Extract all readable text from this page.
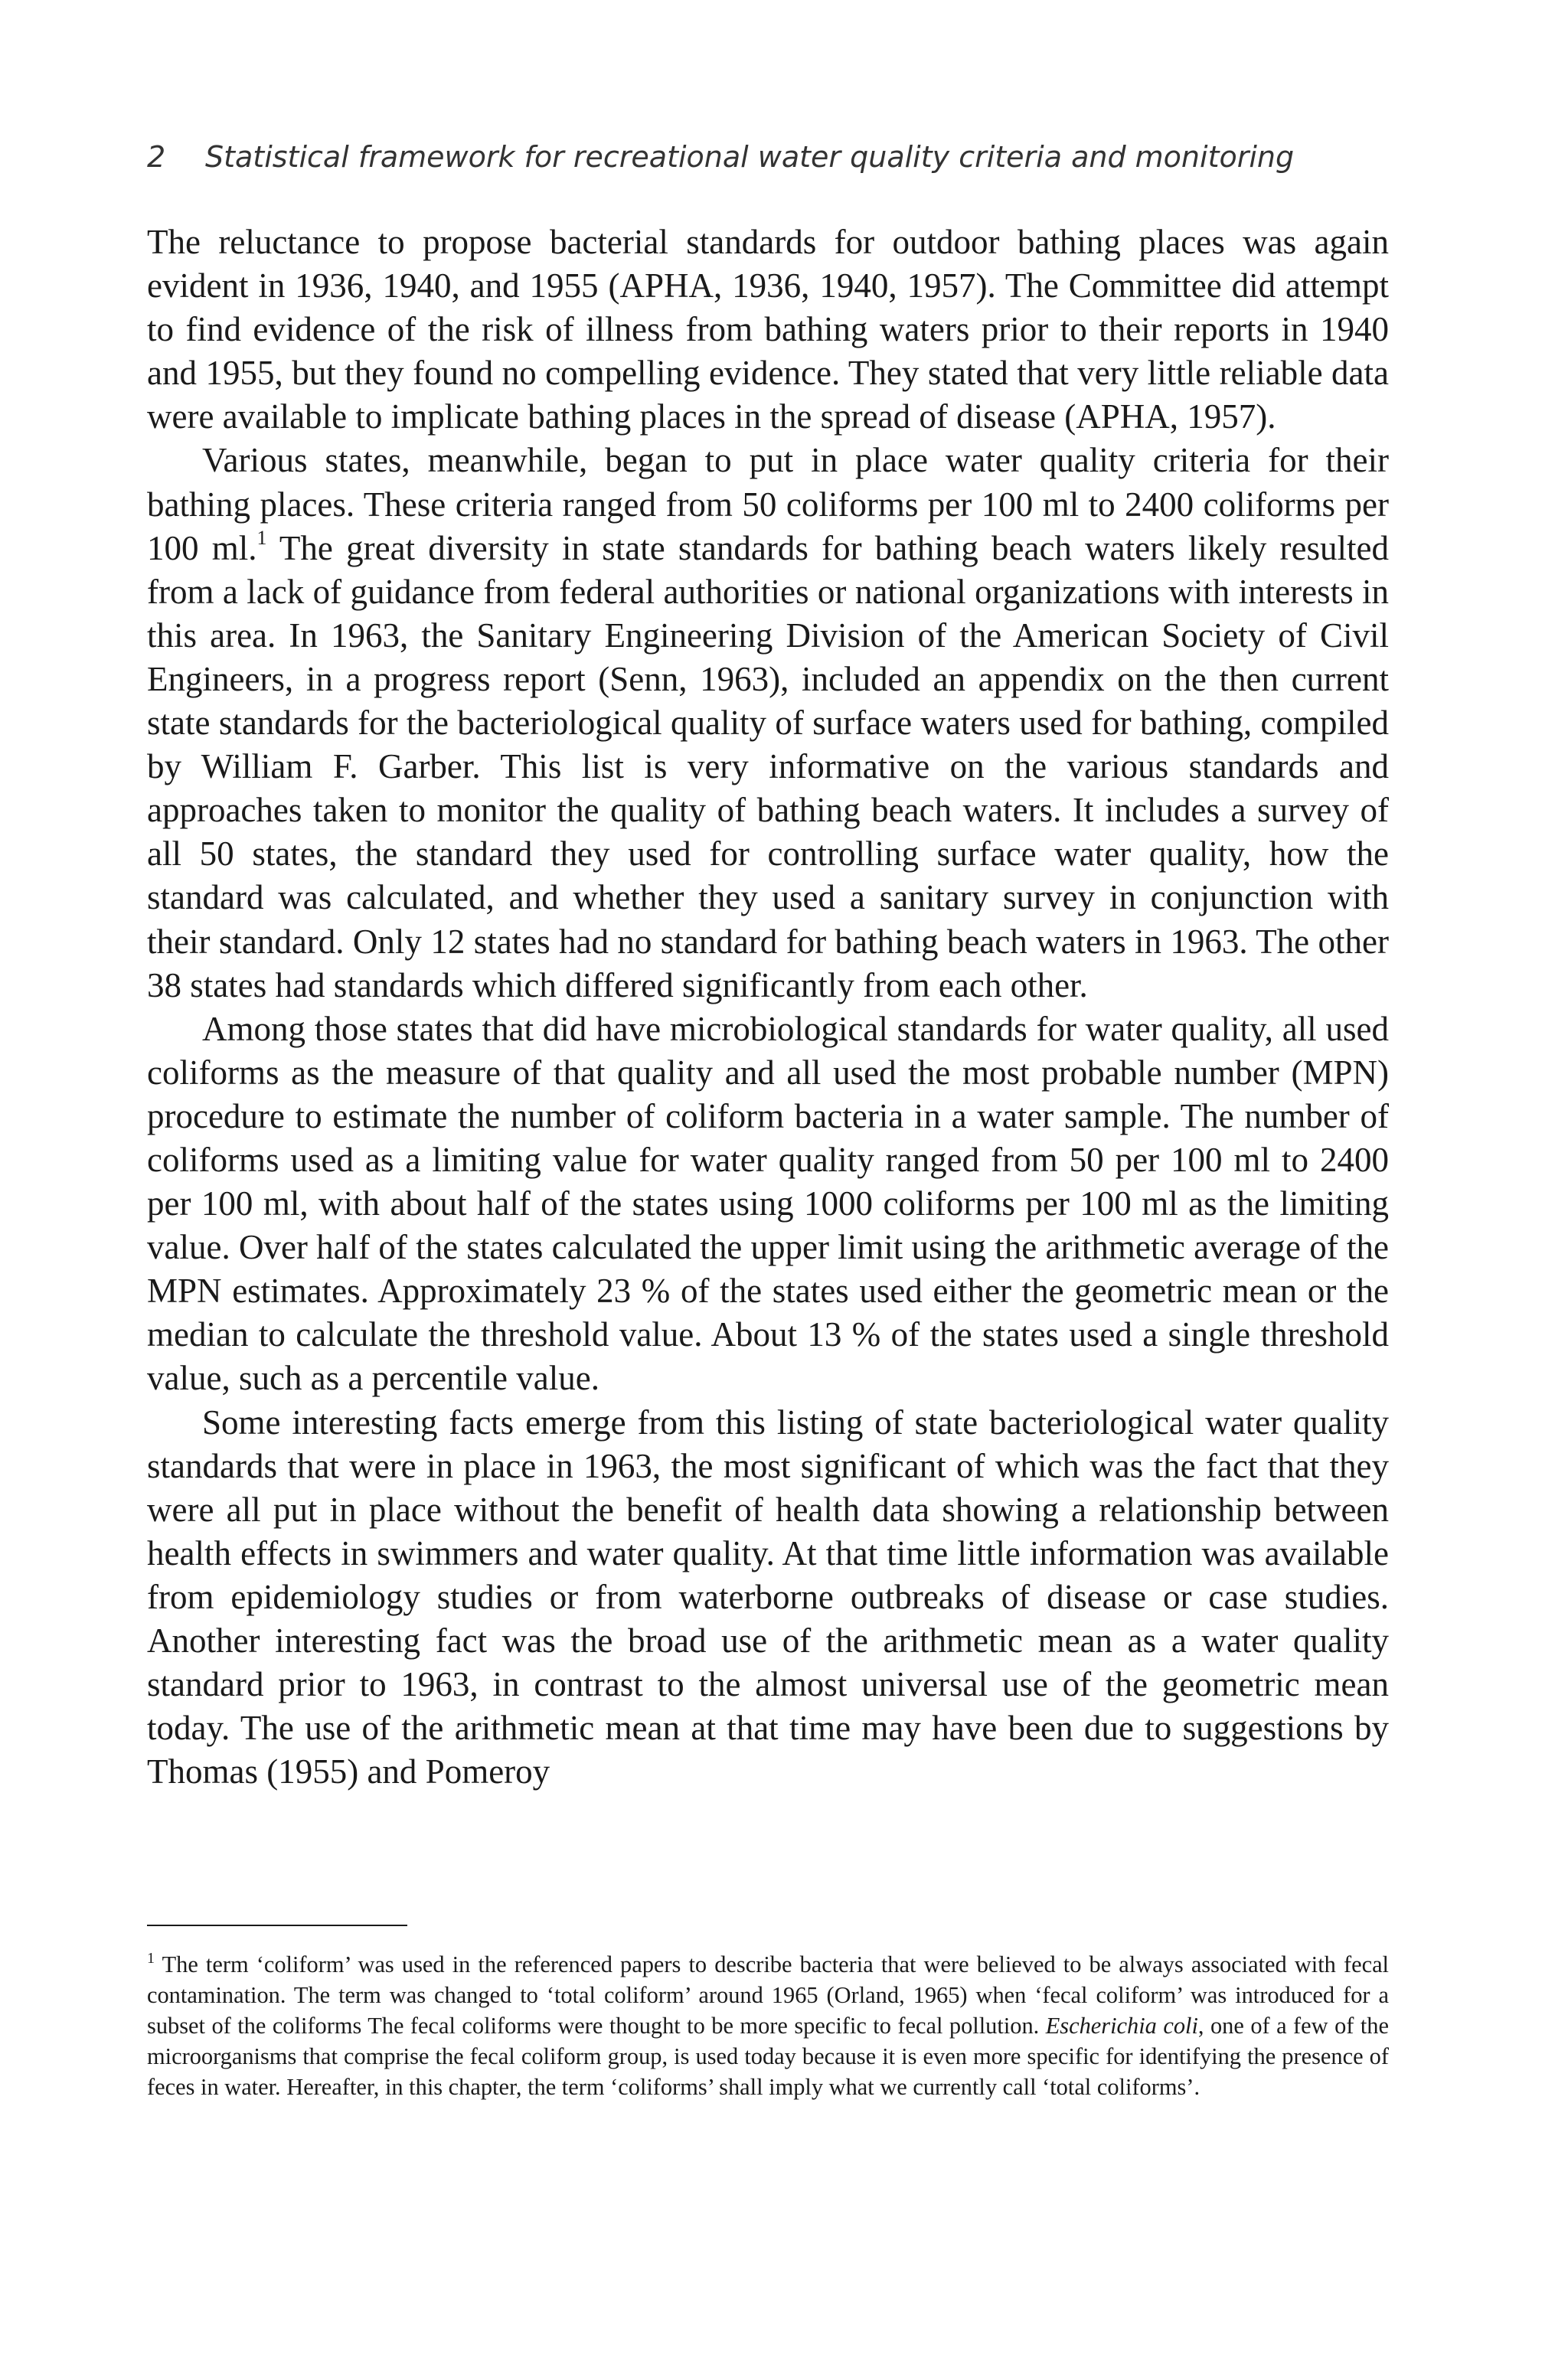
2 Statistical framework for recreational water quality criteria and monitoring

The reluctance to propose bacterial standards for outdoor bathing places was again evident in 1936, 1940, and 1955 (APHA, 1936, 1940, 1957). The Committee did attempt to find evidence of the risk of illness from bathing waters prior to their reports in 1940 and 1955, but they found no compelling evidence. They stated that very little reliable data were available to implicate bathing places in the spread of disease (APHA, 1957).

Various states, meanwhile, began to put in place water quality criteria for their bathing places. These criteria ranged from 50 coliforms per 100 ml to 2400 coliforms per 100 ml.$^1$ The great diversity in state standards for bathing beach waters likely resulted from a lack of guidance from federal authorities or national organizations with interests in this area. In 1963, the Sanitary Engineering Division of the American Society of Civil Engineers, in a progress report (Senn, 1963), included an appendix on the then current state standards for the bacteriological quality of surface waters used for bathing, compiled by William F. Garber. This list is very informative on the various standards and approaches taken to monitor the quality of bathing beach waters. It includes a survey of all 50 states, the standard they used for controlling surface water quality, how the standard was calculated, and whether they used a sanitary survey in conjunction with their standard. Only 12 states had no standard for bathing beach waters in 1963. The other 38 states had standards which differed significantly from each other.

Among those states that did have microbiological standards for water quality, all used coliforms as the measure of that quality and all used the most probable number (MPN) procedure to estimate the number of coliform bacteria in a water sample. The number of coliforms used as a limiting value for water quality ranged from 50 per 100 ml to 2400 per 100 ml, with about half of the states using 1000 coliforms per 100 ml as the limiting value. Over half of the states calculated the upper limit using the arithmetic average of the MPN estimates. Approximately 23 % of the states used either the geometric mean or the median to calculate the threshold value. About 13 % of the states used a single threshold value, such as a percentile value.

Some interesting facts emerge from this listing of state bacteriological water quality standards that were in place in 1963, the most significant of which was the fact that they were all put in place without the benefit of health data showing a relationship between health effects in swimmers and water quality. At that time little information was available from epidemiology studies or from waterborne outbreaks of disease or case studies. Another interesting fact was the broad use of the arithmetic mean as a water quality standard prior to 1963, in contrast to the almost universal use of the geometric mean today. The use of the arithmetic mean at that time may have been due to suggestions by Thomas (1955) and Pomeroy

$^1$ The term ‘coliform’ was used in the referenced papers to describe bacteria that were believed to be always associated with fecal contamination. The term was changed to ‘total coliform’ around 1965 (Orland, 1965) when ‘fecal coliform’ was introduced for a subset of the coliforms The fecal coliforms were thought to be more specific to fecal pollution. Escherichia coli, one of a few of the microorganisms that comprise the fecal coliform group, is used today because it is even more specific for identifying the presence of feces in water. Hereafter, in this chapter, the term ‘coliforms’ shall imply what we currently call ‘total coliforms’.
